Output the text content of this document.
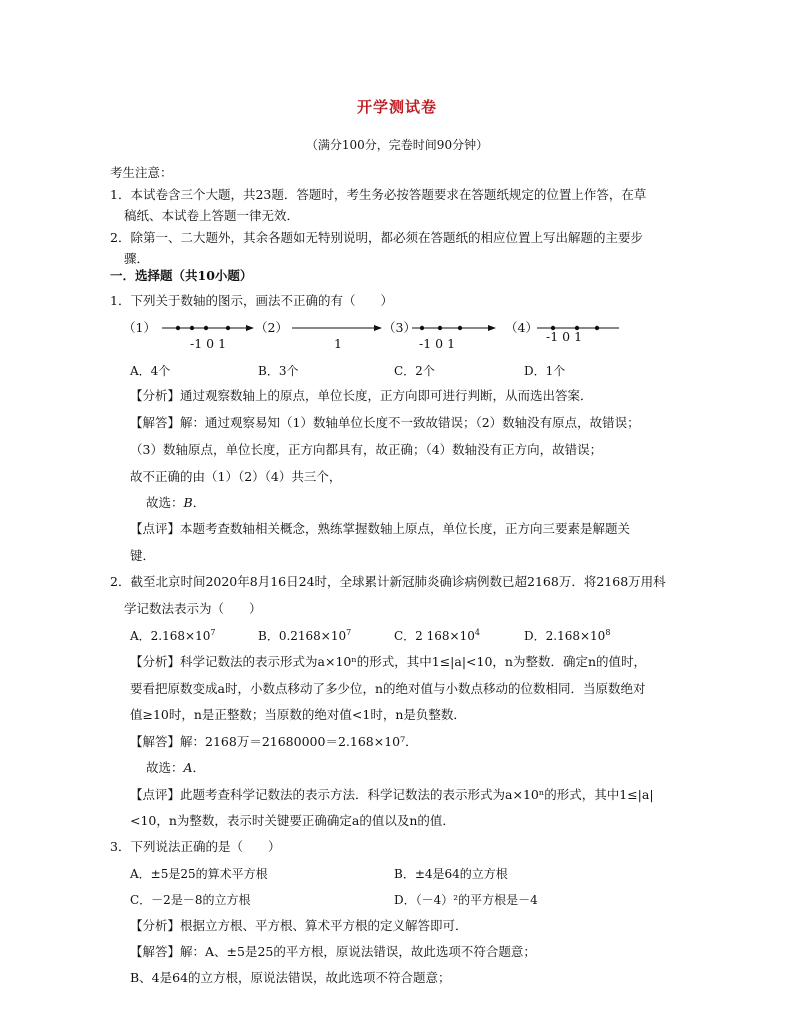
开学测试卷
（满分100分，完卷时间90分钟）
考生注意：
1．本试卷含三个大题，共23题．答题时，考生务必按答题要求在答题纸规定的位置上作答，在草
稿纸、本试卷上答题一律无效．
2．除第一、二大题外，其余各题如无特别说明，都必须在答题纸的相应位置上写出解题的主要步
骤．
一．选择题（共10小题）
1．下列关于数轴的图示，画法不正确的有（　　）
（1）
-1 0 1
（2）
1
（3）
-1 0 1
（4）
-1 0 1
A．4个	B．3个	C．2个	D．1个
【分析】通过观察数轴上的原点，单位长度，正方向即可进行判断，从而选出答案．
【解答】解：通过观察易知（1）数轴单位长度不一致故错误；（2）数轴没有原点，故错误；
（3）数轴原点，单位长度，正方向都具有，故正确；（4）数轴没有正方向，故错误；
故不正确的由（1）（2）（4）共三个，
故选：B．
【点评】本题考查数轴相关概念，熟练掌握数轴上原点，单位长度，正方向三要素是解题关
键．
2．截至北京时间2020年8月16日24时，全球累计新冠肺炎确诊病例数已超2168万．将2168万用科
学记数法表示为（　　）
A．$2.168\times 10^7$	B．$0.2168\times 10^7$	C．2 $168\times 10^4$	D．$2.168\times 10^8$
【分析】科学记数法的表示形式为a×10ⁿ的形式，其中1≤|a|<10，n为整数．确定n的值时，
要看把原数变成a时，小数点移动了多少位，n的绝对值与小数点移动的位数相同．当原数绝对
值≥10时，n是正整数；当原数的绝对值<1时，n是负整数．
【解答】解：2168万＝21680000＝2.168×10⁷．
故选：A．
【点评】此题考查科学记数法的表示方法．科学记数法的表示形式为a×10ⁿ的形式，其中1≤|a|
<10，n为整数，表示时关键要正确确定a的值以及n的值．
3．下列说法正确的是（　　）
A．±5是25的算术平方根	B．±4是64的立方根
C．－2是－8的立方根	D．（－4）²的平方根是－4
【分析】根据立方根、平方根、算术平方根的定义解答即可．
【解答】解：A、±5是25的平方根，原说法错误，故此选项不符合题意；
B、4是64的立方根，原说法错误，故此选项不符合题意；
